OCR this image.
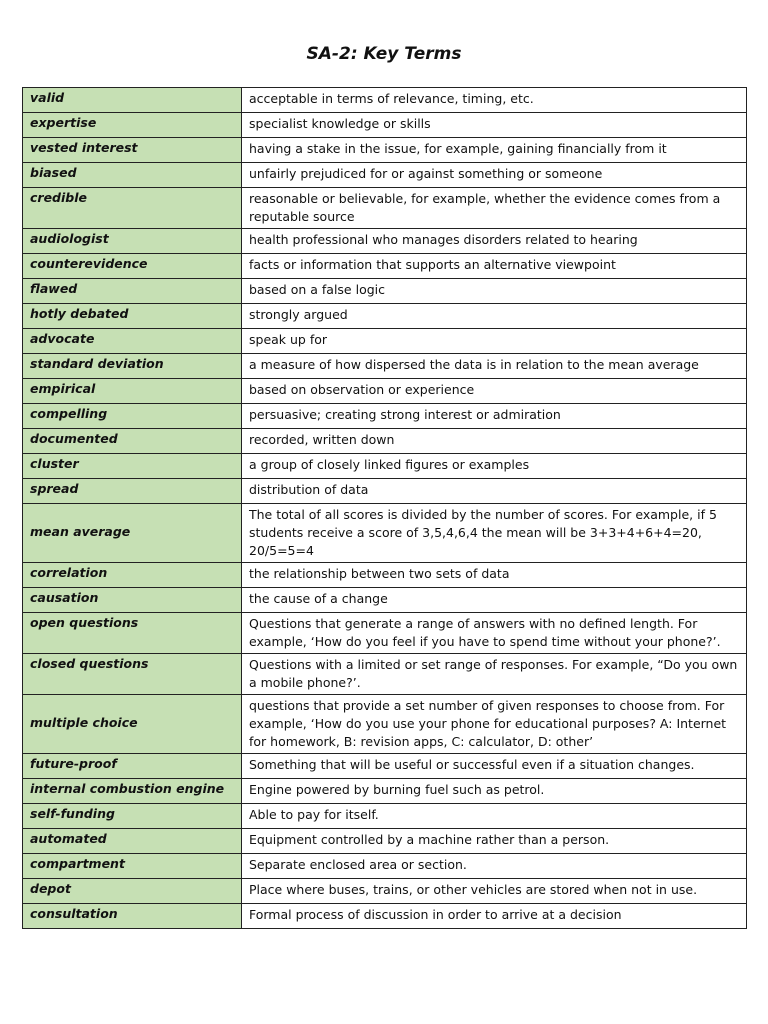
SA-2: Key Terms
valid	acceptable in terms of relevance, timing, etc.
expertise	specialist knowledge or skills
vested interest	having a stake in the issue, for example, gaining financially from it
biased	unfairly prejudiced for or against something or someone
credible	reasonable or believable, for example, whether the evidence comes from a reputable source
audiologist	health professional who manages disorders related to hearing
counterevidence	facts or information that supports an alternative viewpoint
flawed	based on a false logic
hotly debated	strongly argued
advocate	speak up for
standard deviation	a measure of how dispersed the data is in relation to the mean average
empirical	based on observation or experience
compelling	persuasive; creating strong interest or admiration
documented	recorded, written down
cluster	a group of closely linked figures or examples
spread	distribution of data
mean average	The total of all scores is divided by the number of scores. For example, if 5 students receive a score of 3,5,4,6,4 the mean will be 3+3+4+6+4=20, 20/5=5=4
correlation	the relationship between two sets of data
causation	the cause of a change
open questions	Questions that generate a range of answers with no defined length. For example, ‘How do you feel if you have to spend time without your phone?’.
closed questions	Questions with a limited or set range of responses. For example, “Do you own a mobile phone?’.
multiple choice	questions that provide a set number of given responses to choose from. For example, ‘How do you use your phone for educational purposes? A: Internet for homework, B: revision apps, C: calculator, D: other’
future-proof	Something that will be useful or successful even if a situation changes.
internal combustion engine	Engine powered by burning fuel such as petrol.
self-funding	Able to pay for itself.
automated	Equipment controlled by a machine rather than a person.
compartment	Separate enclosed area or section.
depot	Place where buses, trains, or other vehicles are stored when not in use.
consultation	Formal process of discussion in order to arrive at a decision
